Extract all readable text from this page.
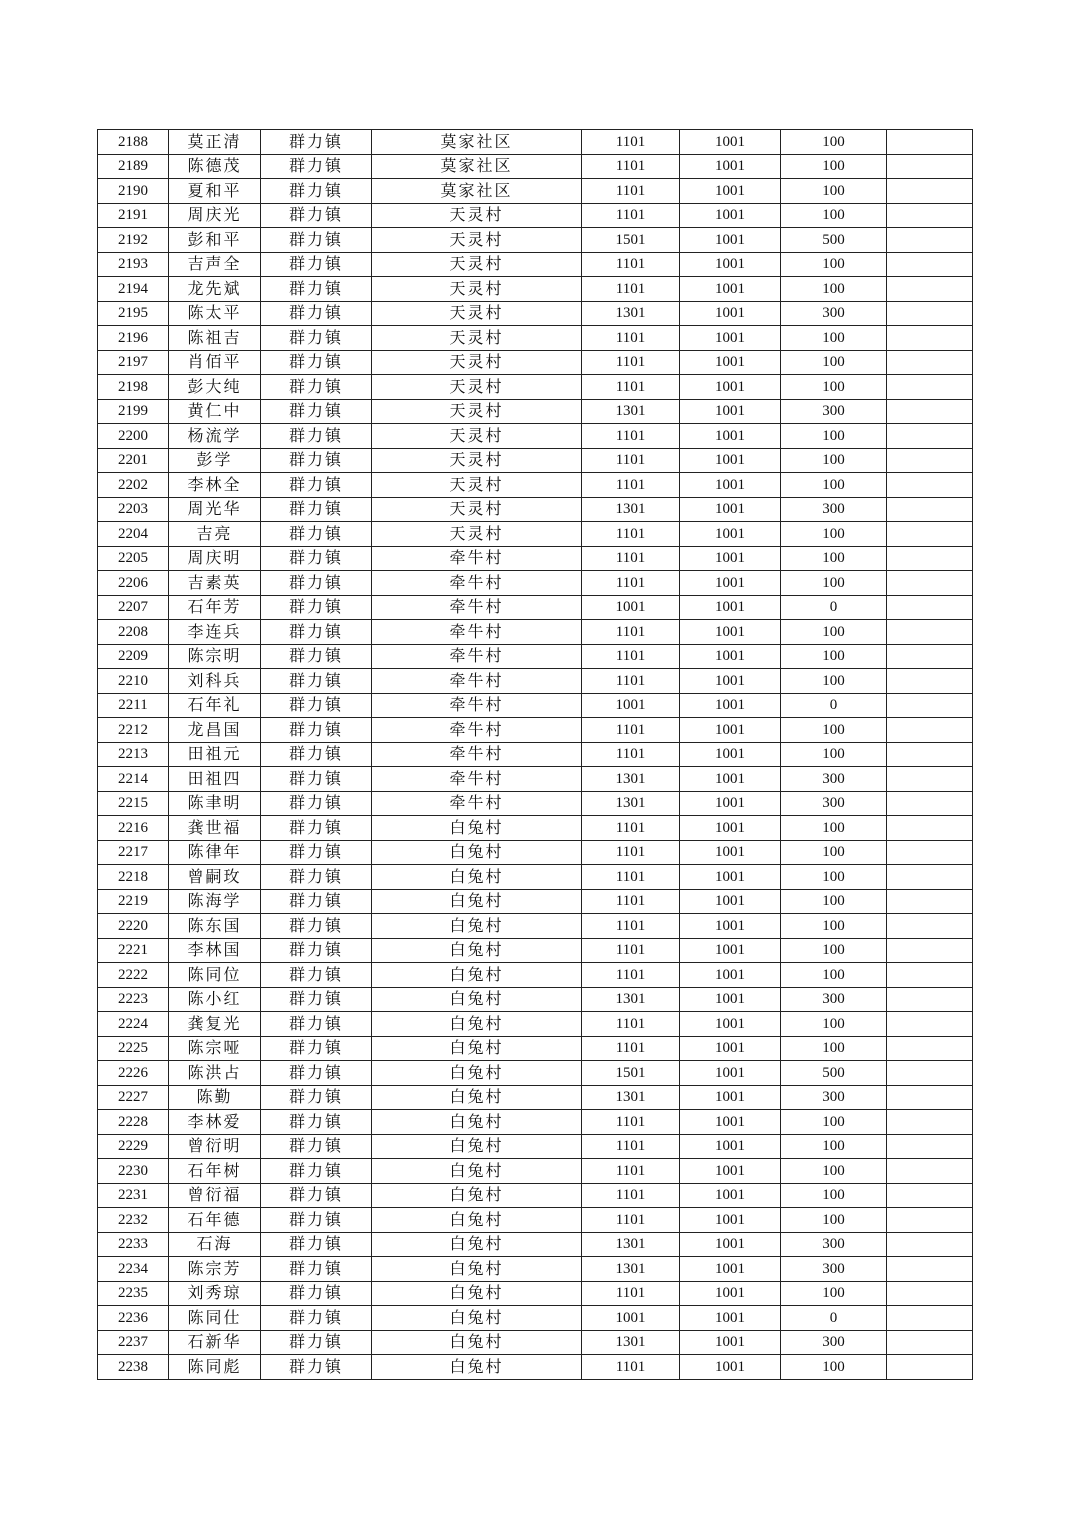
2188	莫正清	群力镇	莫家社区	1101	1001	100	
2189	陈德茂	群力镇	莫家社区	1101	1001	100	
2190	夏和平	群力镇	莫家社区	1101	1001	100	
2191	周庆光	群力镇	天灵村	1101	1001	100	
2192	彭和平	群力镇	天灵村	1501	1001	500	
2193	吉声全	群力镇	天灵村	1101	1001	100	
2194	龙先斌	群力镇	天灵村	1101	1001	100	
2195	陈太平	群力镇	天灵村	1301	1001	300	
2196	陈祖吉	群力镇	天灵村	1101	1001	100	
2197	肖佰平	群力镇	天灵村	1101	1001	100	
2198	彭大纯	群力镇	天灵村	1101	1001	100	
2199	黄仁中	群力镇	天灵村	1301	1001	300	
2200	杨流学	群力镇	天灵村	1101	1001	100	
2201	彭学	群力镇	天灵村	1101	1001	100	
2202	李林全	群力镇	天灵村	1101	1001	100	
2203	周光华	群力镇	天灵村	1301	1001	300	
2204	吉亮	群力镇	天灵村	1101	1001	100	
2205	周庆明	群力镇	牵牛村	1101	1001	100	
2206	吉素英	群力镇	牵牛村	1101	1001	100	
2207	石年芳	群力镇	牵牛村	1001	1001	0	
2208	李连兵	群力镇	牵牛村	1101	1001	100	
2209	陈宗明	群力镇	牵牛村	1101	1001	100	
2210	刘科兵	群力镇	牵牛村	1101	1001	100	
2211	石年礼	群力镇	牵牛村	1001	1001	0	
2212	龙昌国	群力镇	牵牛村	1101	1001	100	
2213	田祖元	群力镇	牵牛村	1101	1001	100	
2214	田祖四	群力镇	牵牛村	1301	1001	300	
2215	陈聿明	群力镇	牵牛村	1301	1001	300	
2216	龚世福	群力镇	白兔村	1101	1001	100	
2217	陈律年	群力镇	白兔村	1101	1001	100	
2218	曾嗣玫	群力镇	白兔村	1101	1001	100	
2219	陈海学	群力镇	白兔村	1101	1001	100	
2220	陈东国	群力镇	白兔村	1101	1001	100	
2221	李林国	群力镇	白兔村	1101	1001	100	
2222	陈同位	群力镇	白兔村	1101	1001	100	
2223	陈小红	群力镇	白兔村	1301	1001	300	
2224	龚复光	群力镇	白兔村	1101	1001	100	
2225	陈宗哑	群力镇	白兔村	1101	1001	100	
2226	陈洪占	群力镇	白兔村	1501	1001	500	
2227	陈勤	群力镇	白兔村	1301	1001	300	
2228	李林爱	群力镇	白兔村	1101	1001	100	
2229	曾衍明	群力镇	白兔村	1101	1001	100	
2230	石年树	群力镇	白兔村	1101	1001	100	
2231	曾衍福	群力镇	白兔村	1101	1001	100	
2232	石年德	群力镇	白兔村	1101	1001	100	
2233	石海	群力镇	白兔村	1301	1001	300	
2234	陈宗芳	群力镇	白兔村	1301	1001	300	
2235	刘秀琼	群力镇	白兔村	1101	1001	100	
2236	陈同仕	群力镇	白兔村	1001	1001	0	
2237	石新华	群力镇	白兔村	1301	1001	300	
2238	陈同彪	群力镇	白兔村	1101	1001	100	
